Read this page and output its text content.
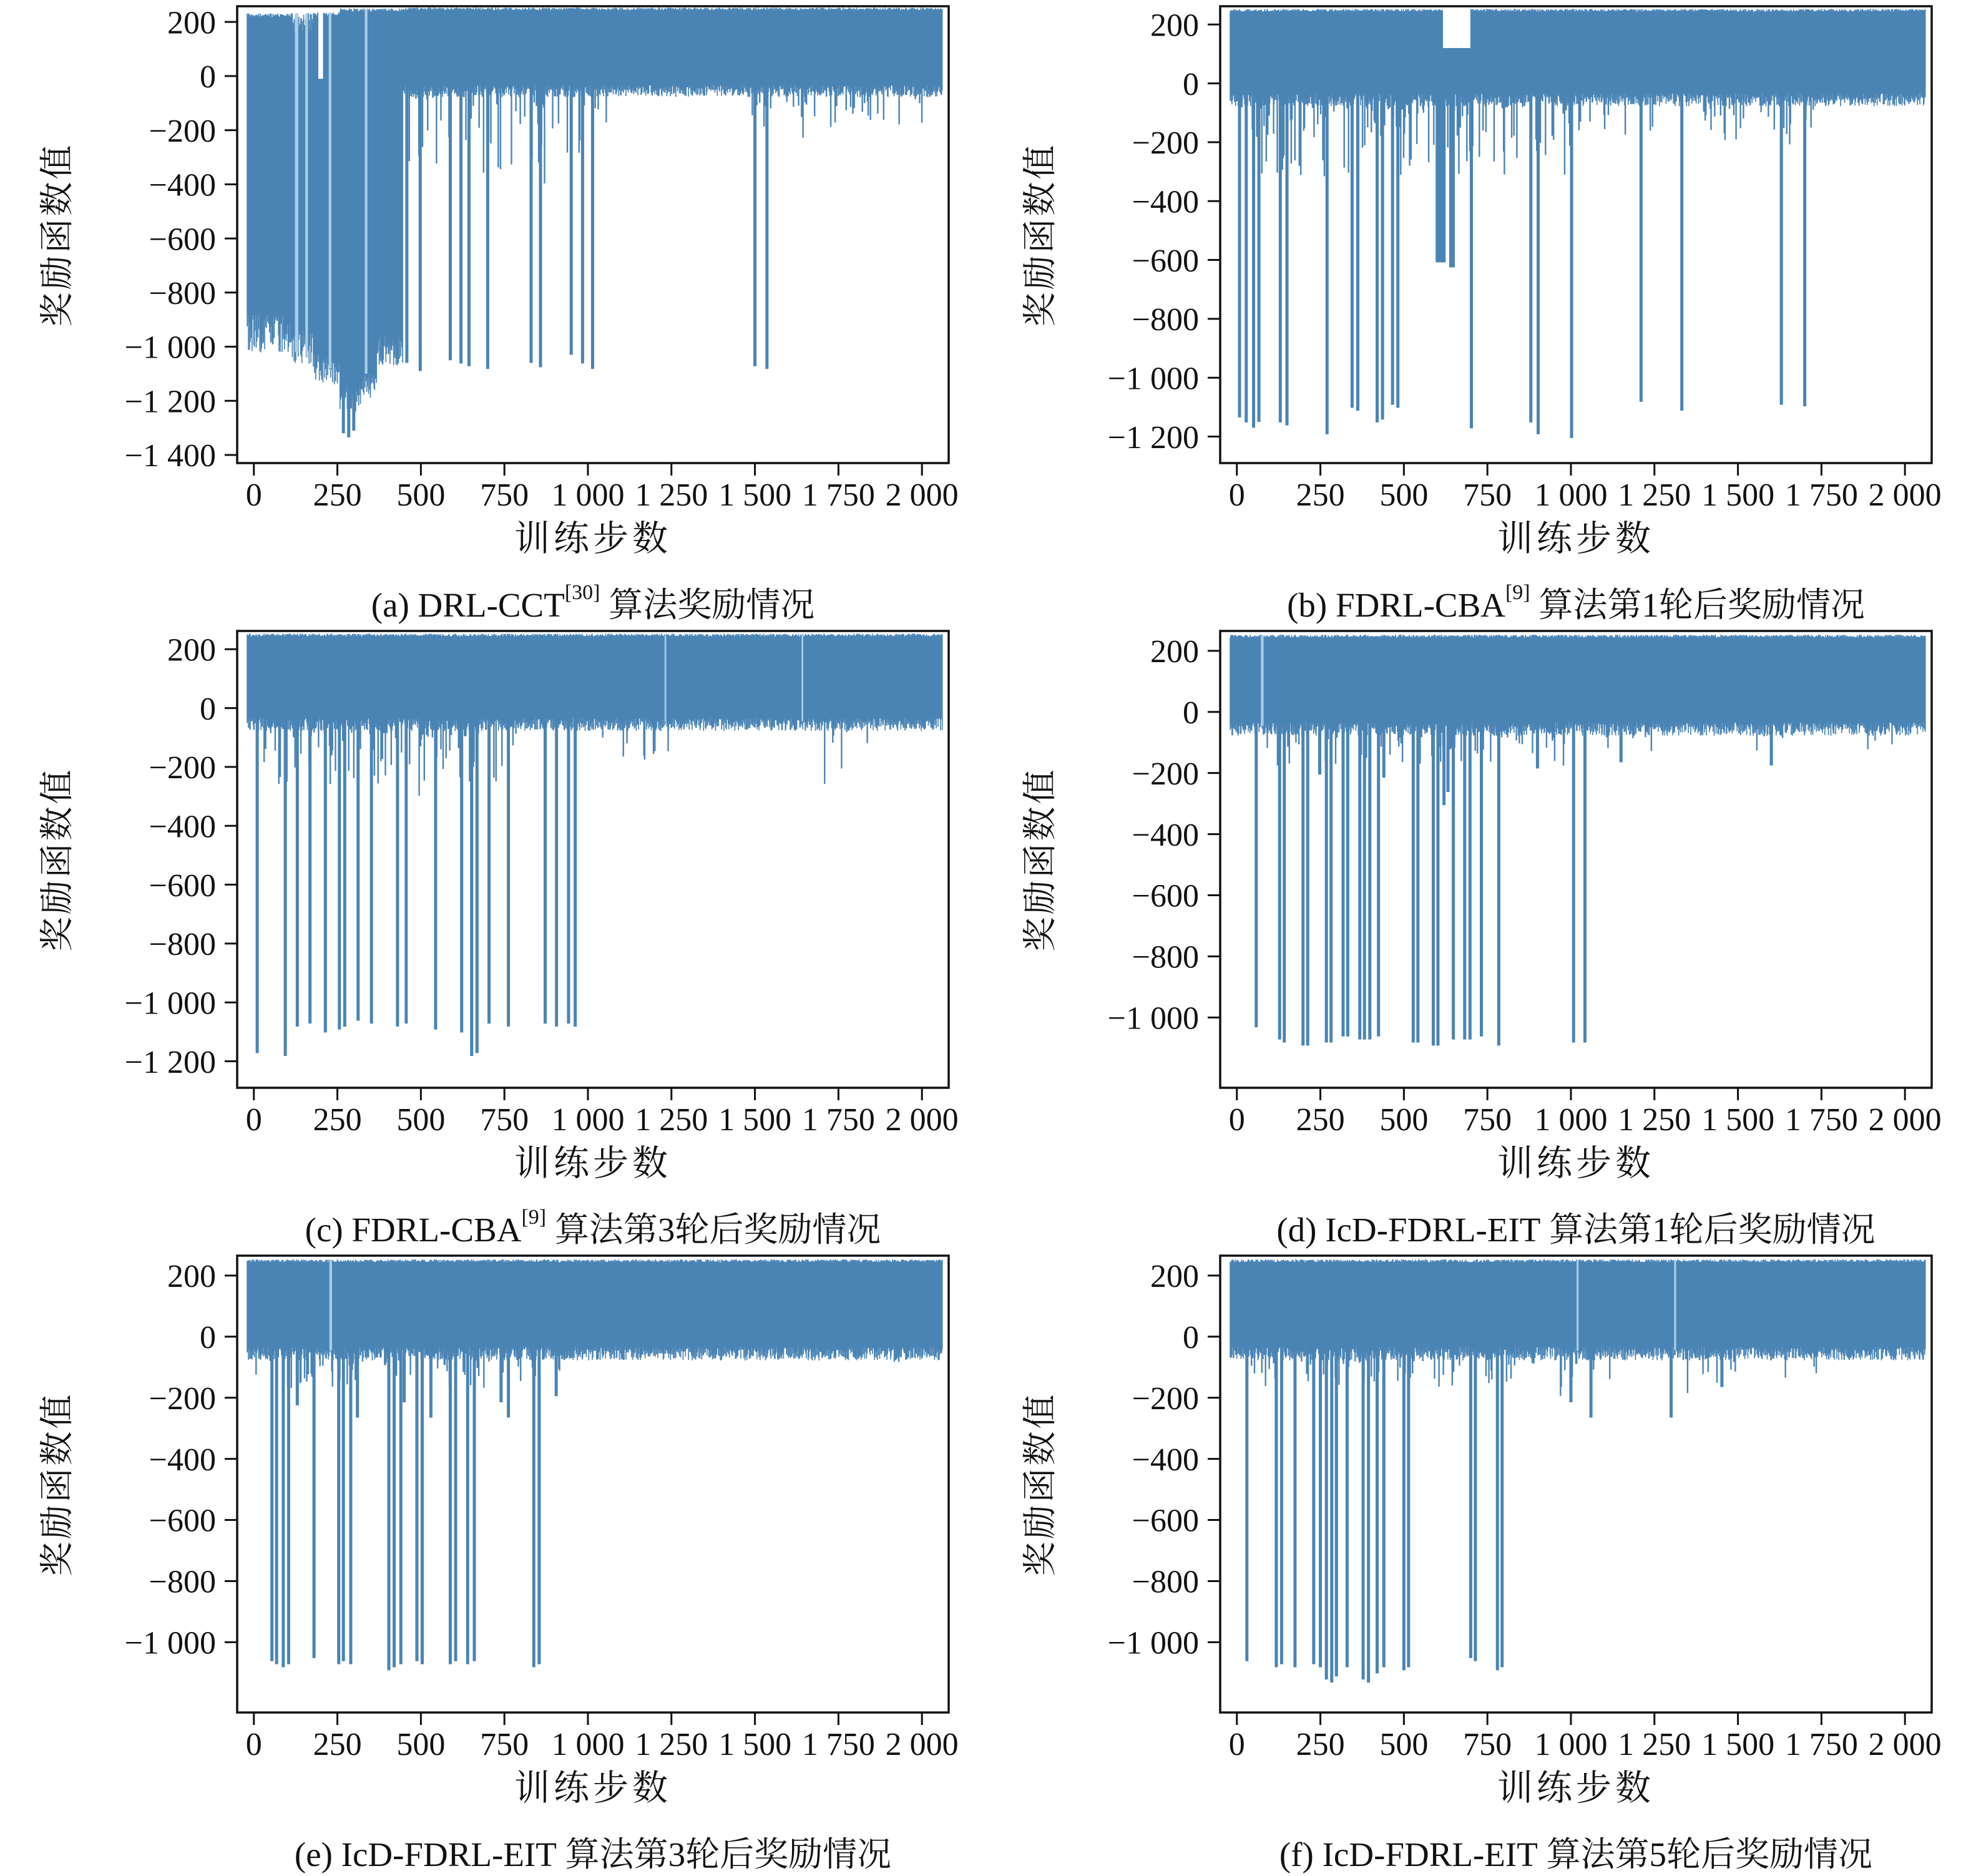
200
0
−200
−400
−600
−800
−1 000
−1 200
−1 400
0 250 500 750 1 000 1 250 1 500 1 750 2 000
奖励函数值
训练步数
(a) DRL-CCT[30] 算法奖励情况
200
0
−200
−400
−600
−800
−1 000
−1 200
0 250 500 750 1 000 1 250 1 500 1 750 2 000
奖励函数值
训练步数
(b) FDRL-CBA[9] 算法第1轮后奖励情况
200
0
−200
−400
−600
−800
−1 000
−1 200
0 250 500 750 1 000 1 250 1 500 1 750 2 000
奖励函数值
训练步数
(c) FDRL-CBA[9] 算法第3轮后奖励情况
200
0
−200
−400
−600
−800
−1 000
0 250 500 750 1 000 1 250 1 500 1 750 2 000
奖励函数值
训练步数
(d) IcD-FDRL-EIT 算法第1轮后奖励情况
200
0
−200
−400
−600
−800
−1 000
0 250 500 750 1 000 1 250 1 500 1 750 2 000
奖励函数值
训练步数
(e) IcD-FDRL-EIT 算法第3轮后奖励情况
200
0
−200
−400
−600
−800
−1 000
0 250 500 750 1 000 1 250 1 500 1 750 2 000
奖励函数值
训练步数
(f) IcD-FDRL-EIT 算法第5轮后奖励情况
